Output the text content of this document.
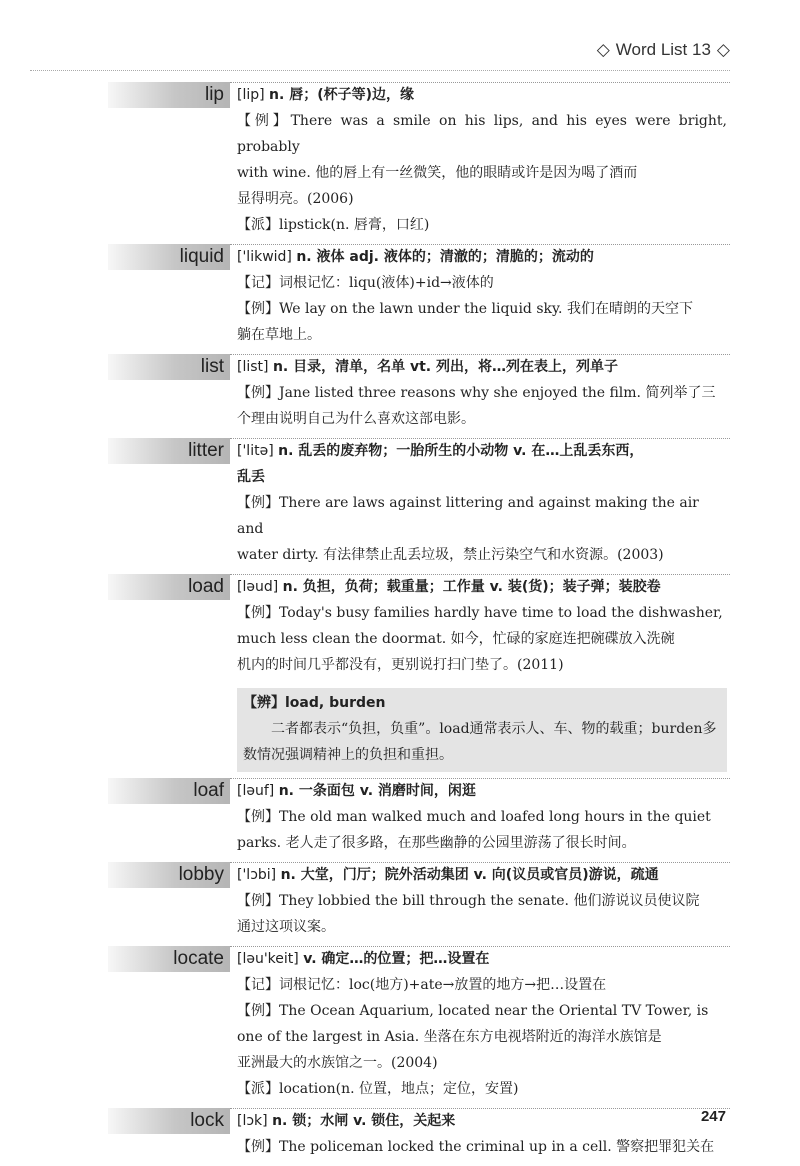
◇ Word List 13 ◇
lip [lip] n. 唇；(杯子等)边，缘
【例】There was a smile on his lips, and his eyes were bright, probably
with wine. 他的唇上有一丝微笑，他的眼睛或许是因为喝了酒而
显得明亮。(2006)
【派】lipstick(n. 唇膏，口红)
liquid ['likwid] n. 液体 adj. 液体的；清澈的；清脆的；流动的
【记】词根记忆：liqu(液体)+id→液体的
【例】We lay on the lawn under the liquid sky. 我们在晴朗的天空下
躺在草地上。
list [list] n. 目录，清单，名单 vt. 列出，将…列在表上，列单子
【例】Jane listed three reasons why she enjoyed the film. 简列举了三
个理由说明自己为什么喜欢这部电影。
litter ['litə] n. 乱丢的废弃物；一胎所生的小动物 v. 在…上乱丢东西，
乱丢
【例】There are laws against littering and against making the air and
water dirty. 有法律禁止乱丢垃圾，禁止污染空气和水资源。(2003)
load [ləud] n. 负担，负荷；载重量；工作量 v. 装(货)；装子弹；装胶卷
【例】Today's busy families hardly have time to load the dishwasher,
much less clean the doormat. 如今，忙碌的家庭连把碗碟放入洗碗
机内的时间几乎都没有，更别说打扫门垫了。(2011)
【辨】load, burden
二者都表示“负担，负重”。load通常表示人、车、物的载重；burden多数情况强调精神上的负担和重担。
loaf [ləuf] n. 一条面包 v. 消磨时间，闲逛
【例】The old man walked much and loafed long hours in the quiet
parks. 老人走了很多路，在那些幽静的公园里游荡了很长时间。
lobby ['lɔbi] n. 大堂，门厅；院外活动集团 v. 向(议员或官员)游说，疏通
【例】They lobbied the bill through the senate. 他们游说议员使议院
通过这项议案。
locate [ləu'keit] v. 确定…的位置；把…设置在
【记】词根记忆：loc(地方)+ate→放置的地方→把…设置在
【例】The Ocean Aquarium, located near the Oriental TV Tower, is
one of the largest in Asia. 坐落在东方电视塔附近的海洋水族馆是
亚洲最大的水族馆之一。(2004)
【派】location(n. 位置，地点；定位，安置)
lock [lɔk] n. 锁；水闸 v. 锁住，关起来
【例】The policeman locked the criminal up in a cell. 警察把罪犯关在
247
